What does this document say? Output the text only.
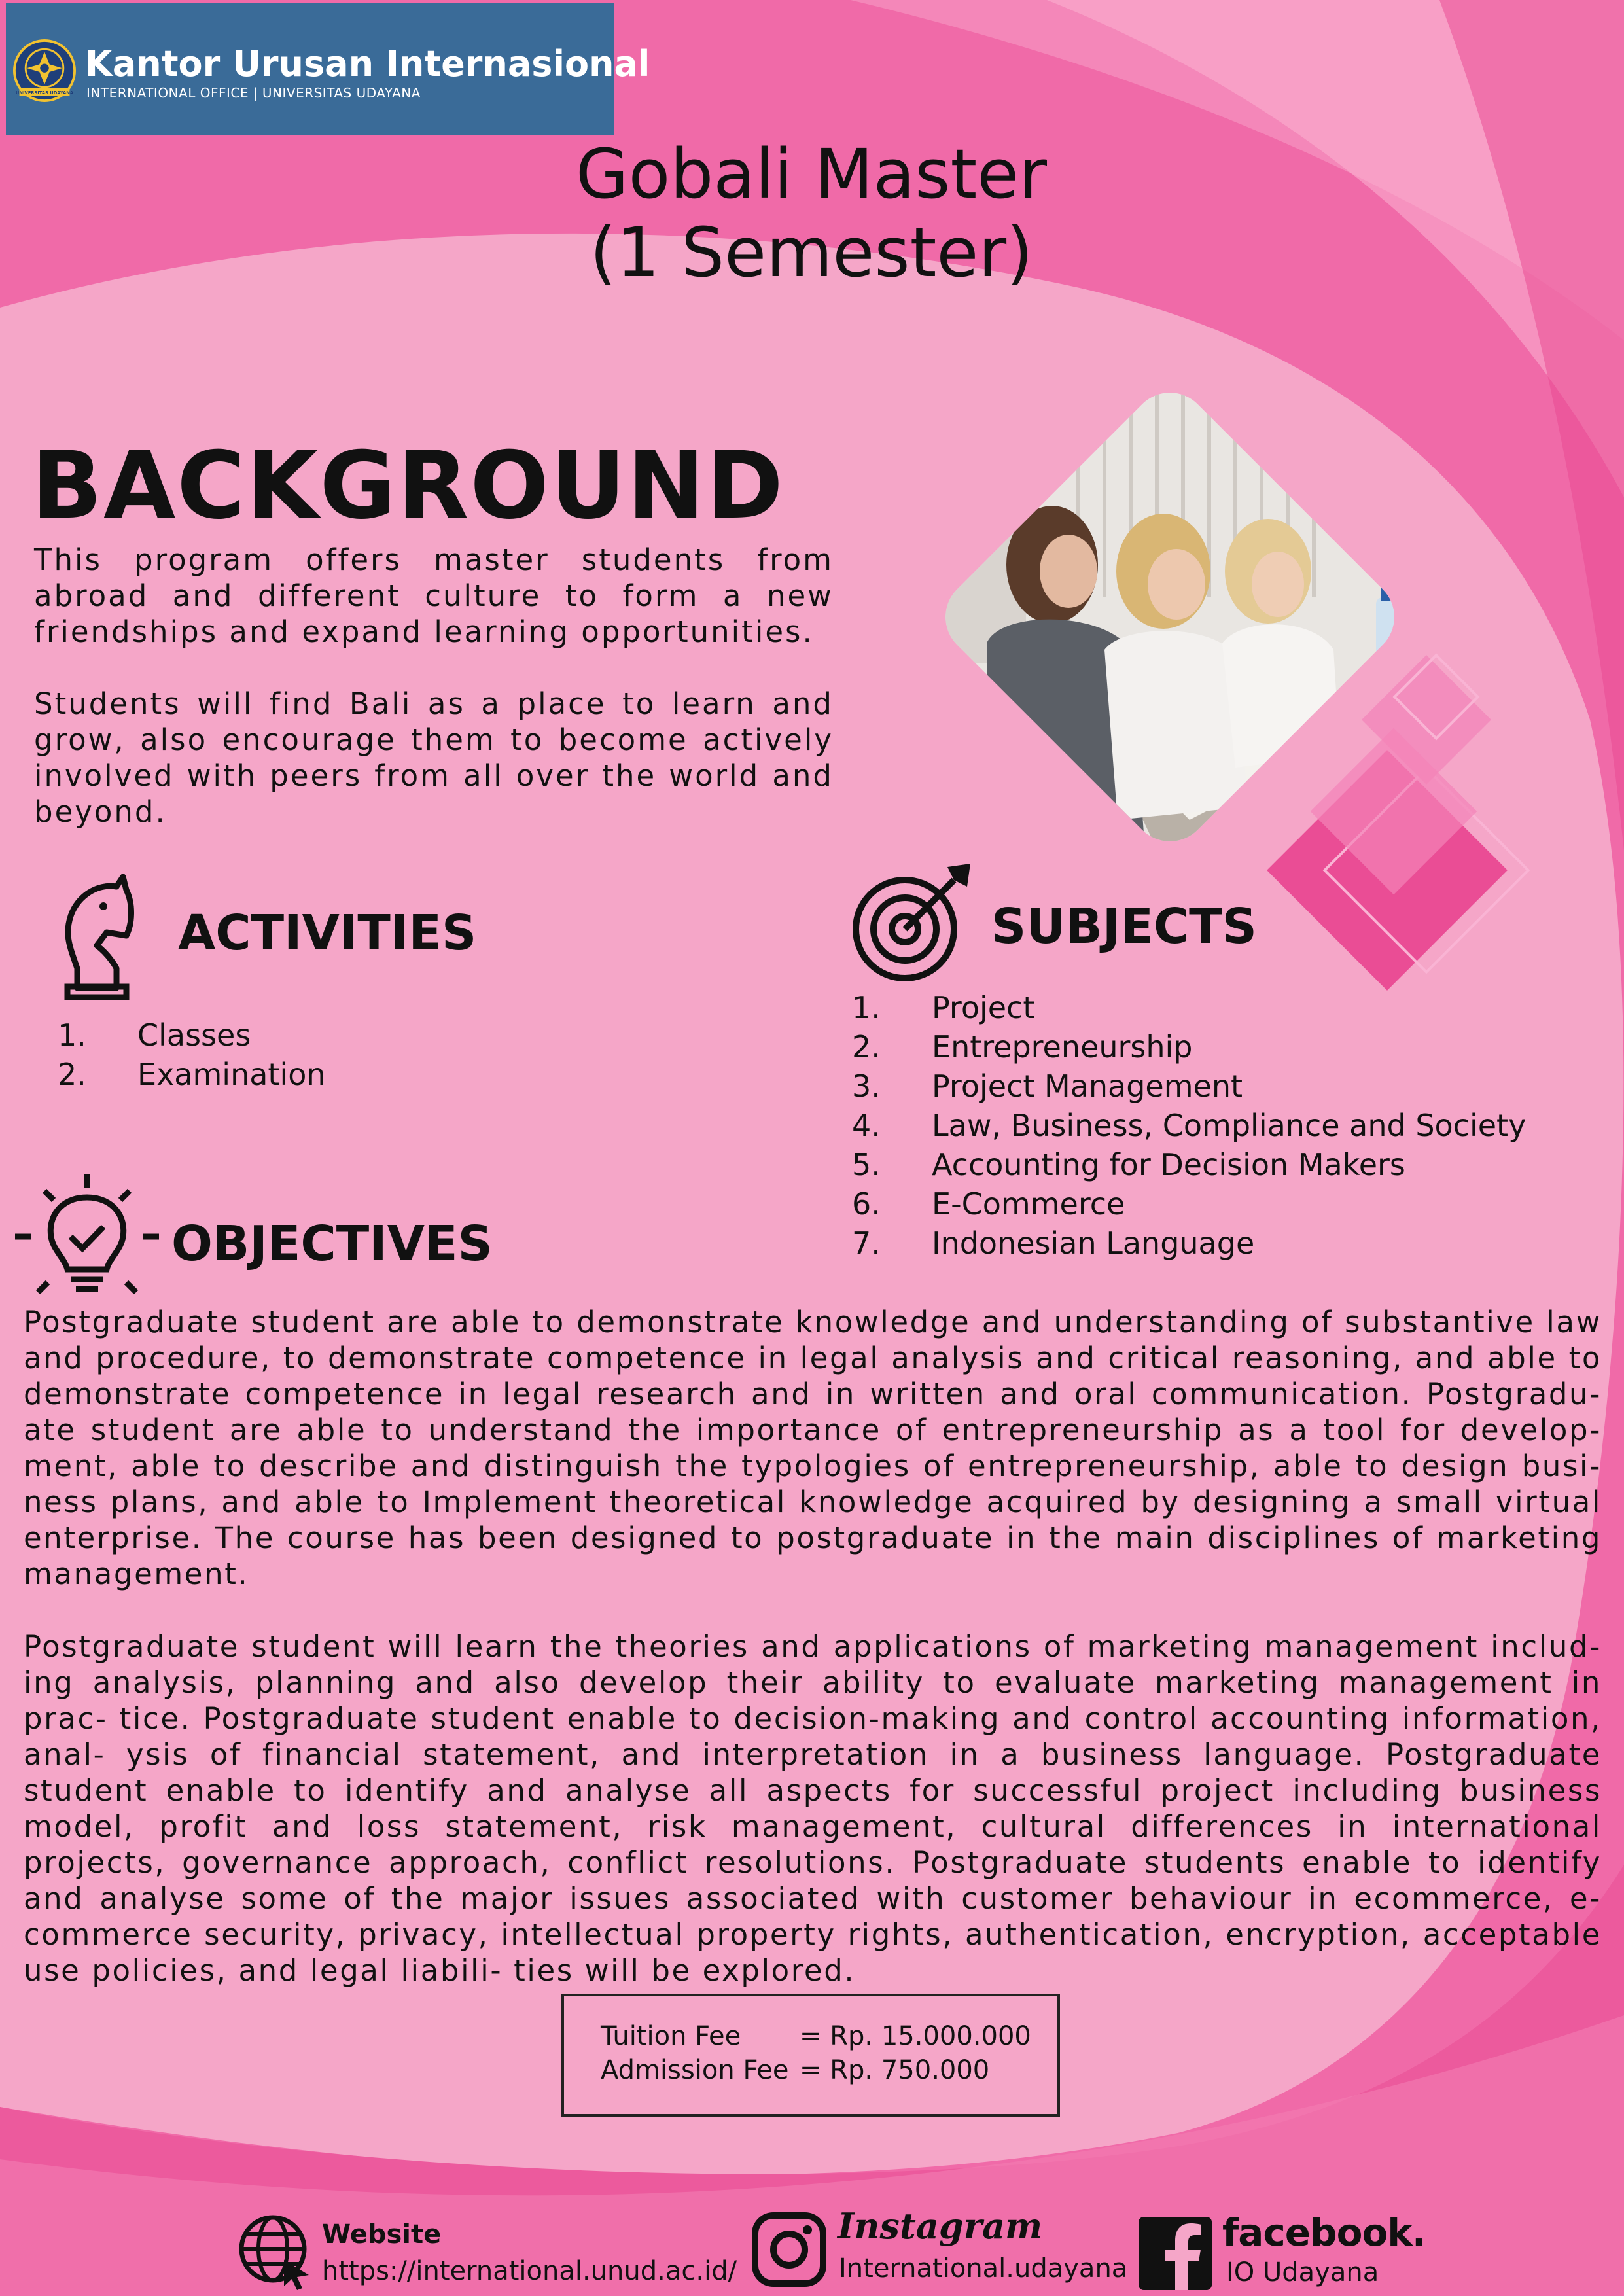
UNIVERSITAS UDAYANA
Kantor Urusan Internasional
INTERNATIONAL OFFICE | UNIVERSITAS UDAYANA
Gobali Master
(1 Semester)
BACKGROUND
This program offers master students from abroad and different culture to form a new friendships and expand learning opportunities.
Students will find Bali as a place to learn and grow, also encourage them to become actively involved with peers from all over the world and beyond.
ACTIVITIES
1. Classes
2. Examination
SUBJECTS
1. Project
2. Entrepreneurship
3. Project Management
4. Law, Business, Compliance and Society
5. Accounting for Decision Makers
6. E-Commerce
7. Indonesian Language
OBJECTIVES
Postgraduate student are able to demonstrate knowledge and understanding of substantive law and procedure, to demonstrate competence in legal analysis and critical reasoning, and able to demonstrate competence in legal research and in written and oral communication. Postgradu- ate student are able to understand the importance of entrepreneurship as a tool for develop- ment, able to describe and distinguish the typologies of entrepreneurship, able to design busi- ness plans, and able to Implement theoretical knowledge acquired by designing a small virtual enterprise. The course has been designed to postgraduate in the main disciplines of marketing management.
Postgraduate student will learn the theories and applications of marketing management includ- ing analysis, planning and also develop their ability to evaluate marketing management in prac- tice. Postgraduate student enable to decision-making and control accounting information, anal- ysis of financial statement, and interpretation in a business language. Postgraduate student enable to identify and analyse all aspects for successful project including business model, profit and loss statement, risk management, cultural differences in international projects, governance approach, conflict resolutions. Postgraduate students enable to identify and analyse some of the major issues associated with customer behaviour in ecommerce, e-commerce security, privacy, intellectual property rights, authentication, encryption, acceptable use policies, and legal liabili- ties will be explored.
Tuition Fee = Rp. 15.000.000
Admission Fee = Rp. 750.000
Website
https://international.unud.ac.id/
Instagram
International.udayana
facebook.
IO Udayana
